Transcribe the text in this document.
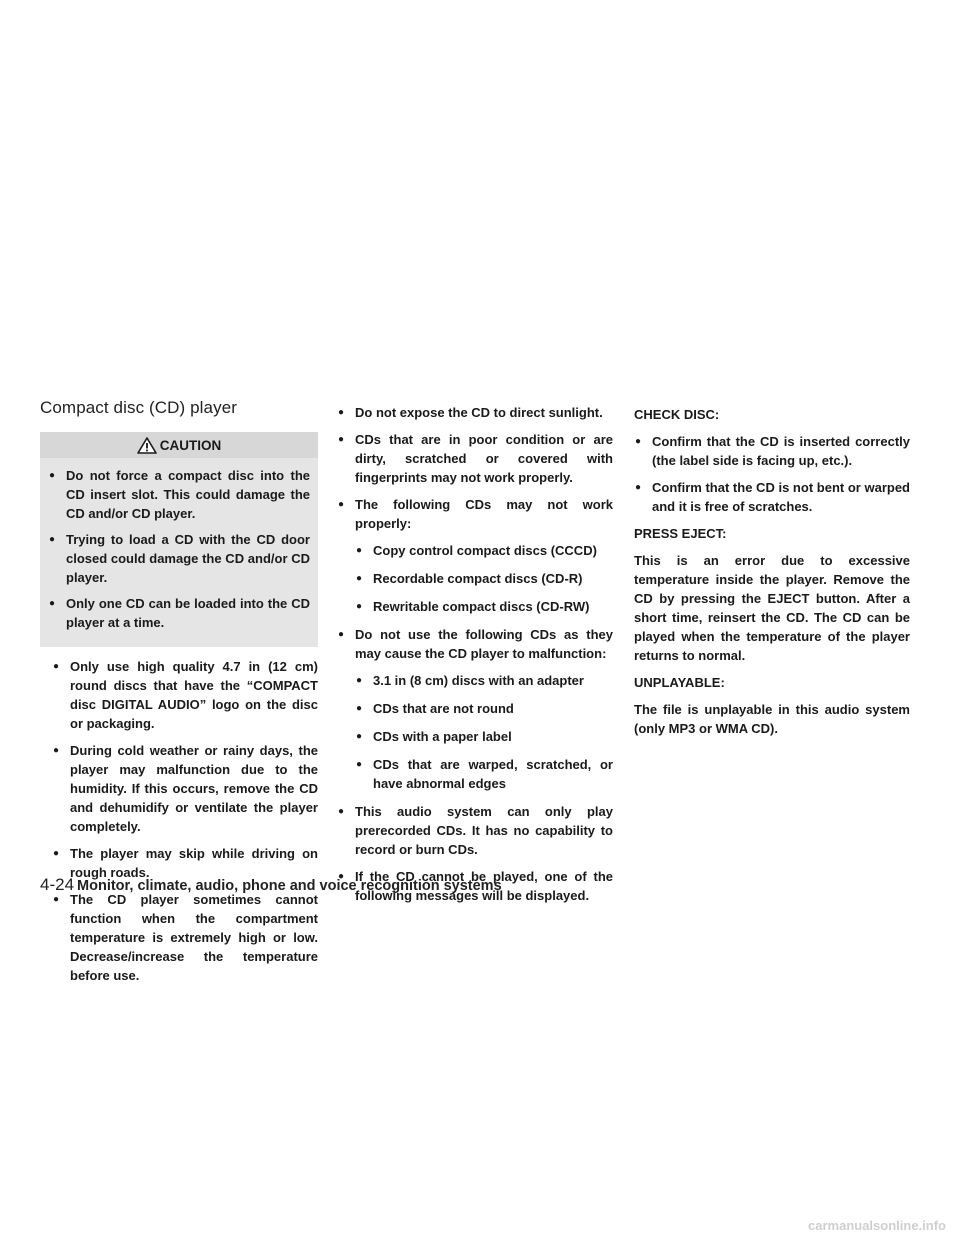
Compact disc (CD) player
CAUTION
● Do not force a compact disc into the CD insert slot. This could damage the CD and/or CD player.
● Trying to load a CD with the CD door closed could damage the CD and/or CD player.
● Only one CD can be loaded into the CD player at a time.
● Only use high quality 4.7 in (12 cm) round discs that have the “COMPACT disc DIGITAL AUDIO” logo on the disc or packaging.
● During cold weather or rainy days, the player may malfunction due to the humidity. If this occurs, remove the CD and dehumidify or ventilate the player completely.
● The player may skip while driving on rough roads.
● The CD player sometimes cannot function when the compartment temperature is extremely high or low. Decrease/increase the temperature before use.
● Do not expose the CD to direct sunlight.
● CDs that are in poor condition or are dirty, scratched or covered with fingerprints may not work properly.
● The following CDs may not work properly:
● Copy control compact discs (CCCD)
● Recordable compact discs (CD-R)
● Rewritable compact discs (CD-RW)
● Do not use the following CDs as they may cause the CD player to malfunction:
● 3.1 in (8 cm) discs with an adapter
● CDs that are not round
● CDs with a paper label
● CDs that are warped, scratched, or have abnormal edges
● This audio system can only play prerecorded CDs. It has no capability to record or burn CDs.
● If the CD cannot be played, one of the following messages will be displayed.
CHECK DISC:
● Confirm that the CD is inserted correctly (the label side is facing up, etc.).
● Confirm that the CD is not bent or warped and it is free of scratches.
PRESS EJECT:
This is an error due to excessive temperature inside the player. Remove the CD by pressing the EJECT button. After a short time, reinsert the CD. The CD can be played when the temperature of the player returns to normal.
UNPLAYABLE:
The file is unplayable in this audio system (only MP3 or WMA CD).
4-24 Monitor, climate, audio, phone and voice recognition systems
carmanualsonline.info
